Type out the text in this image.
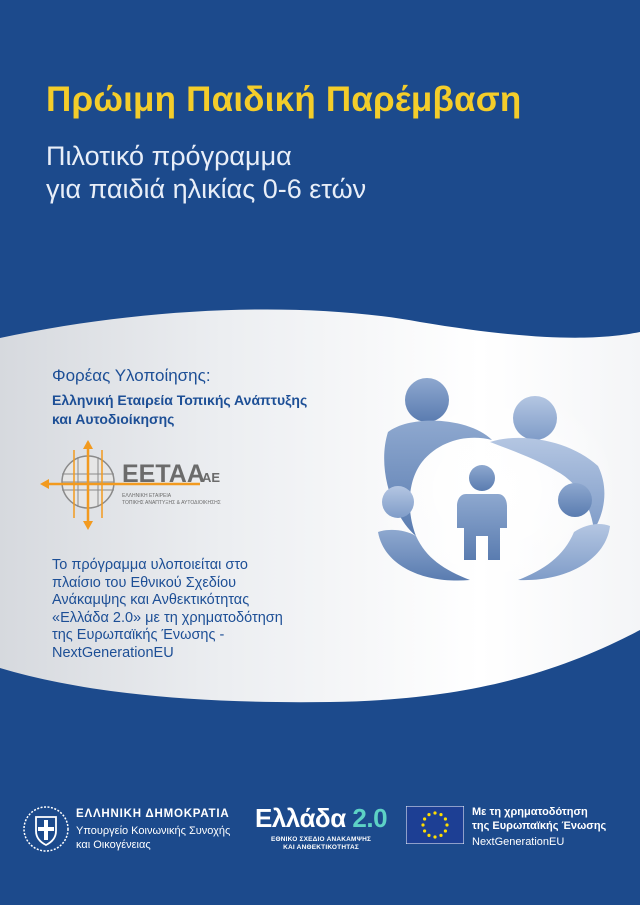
Πρώιμη Παιδική Παρέμβαση
Πιλοτικό πρόγραμμα
για παιδιά ηλικίας 0-6 ετών
Φορέας Υλοποίησης:
Ελληνική Εταιρεία Τοπικής Ανάπτυξης
και Αυτοδιοίκησης
ΕΕΤΑΑ
ΑΕ
ΕΛΛΗΝΙΚΗ ΕΤΑΙΡΕΙΑ
ΤΟΠΙΚΗΣ ΑΝΑΠΤΥΞΗΣ & ΑΥΤΟΔΙΟΙΚΗΣΗΣ
Το πρόγραμμα υλοποιείται στο
πλαίσιο του Εθνικού Σχεδίου
Ανάκαμψης και Ανθεκτικότητας
«Ελλάδα 2.0» με τη χρηματοδότηση
της Ευρωπαϊκής Ένωσης -
NextGenerationEU
ΕΛΛΗΝΙΚΗ ΔΗΜΟΚΡΑΤΙΑ
Υπουργείο Κοινωνικής Συνοχής
και Οικογένειας
Ελλάδα 2.0
ΕΘΝΙΚΟ ΣΧΕΔΙΟ ΑΝΑΚΑΜΨΗΣ
ΚΑΙ ΑΝΘΕΚΤΙΚΟΤΗΤΑΣ
Με τη χρηματοδότηση
της Ευρωπαϊκής Ένωσης
NextGenerationEU
